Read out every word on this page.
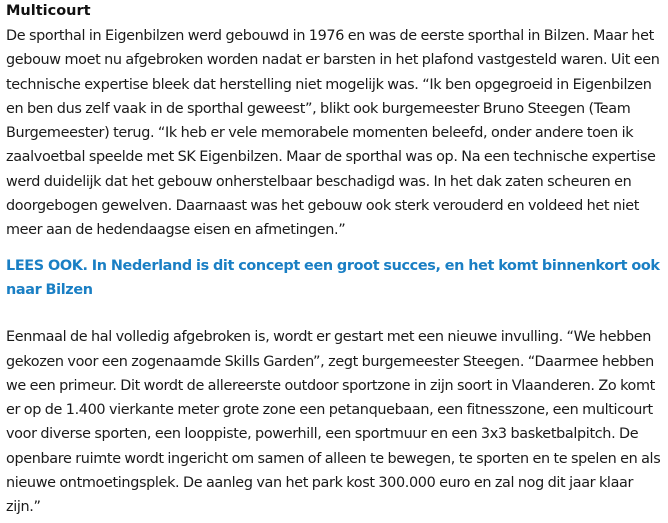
Multicourt

De sporthal in Eigenbilzen werd gebouwd in 1976 en was de eerste sporthal in Bilzen. Maar het gebouw moet nu afgebroken worden nadat er barsten in het plafond vastgesteld waren. Uit een technische expertise bleek dat herstelling niet mogelijk was. “Ik ben opgegroeid in Eigenbilzen en ben dus zelf vaak in de sporthal geweest”, blikt ook burgemeester Bruno Steegen (Team Burgemeester) terug. “Ik heb er vele memorabele momenten beleefd, onder andere toen ik zaalvoetbal speelde met SK Eigenbilzen. Maar de sporthal was op. Na een technische expertise werd duidelijk dat het gebouw onherstelbaar beschadigd was. In het dak zaten scheuren en doorgebogen gewelven. Daarnaast was het gebouw ook sterk verouderd en voldeed het niet meer aan de hedendaagse eisen en afmetingen.”

LEES OOK. In Nederland is dit concept een groot succes, en het komt binnenkort ook naar Bilzen

Eenmaal de hal volledig afgebroken is, wordt er gestart met een nieuwe invulling. “We hebben gekozen voor een zogenaamde Skills Garden”, zegt burgemeester Steegen. “Daarmee hebben we een primeur. Dit wordt de allereerste outdoor sportzone in zijn soort in Vlaanderen. Zo komt er op de 1.400 vierkante meter grote zone een petanquebaan, een fitnesszone, een multicourt voor diverse sporten, een looppiste, powerhill, een sportmuur en een 3x3 basketbalpitch. De openbare ruimte wordt ingericht om samen of alleen te bewegen, te sporten en te spelen en als nieuwe ontmoetingsplek. De aanleg van het park kost 300.000 euro en zal nog dit jaar klaar zijn.”
